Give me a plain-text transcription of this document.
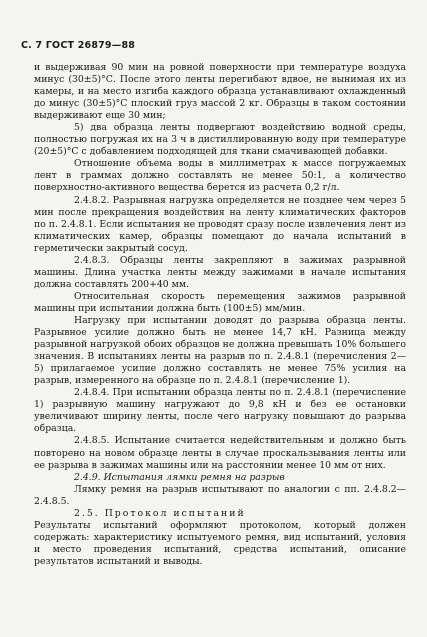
С. 7 ГОСТ 26879—88

и выдерживая 90 мин на ровной поверхности при температуре воздуха минус (30±5)°С. После этого ленты перегибают вдвое, не вынимая их из камеры, и на место изгиба каждого образца устанавливают охлажденный до минус (30±5)°С плоский груз массой 2 кг. Образцы в таком состоянии выдерживают еще 30 мин;

5) два образца ленты подвергают воздействию водной среды, полностью погружая их на 3 ч в дистиллированную воду при температуре (20±5)°С с добавлением подходящей для ткани смачивающей добавки.

Отношение объема воды в миллиметрах к массе погружаемых лент в граммах должно составлять не менее 50:1, а количество поверхностно-активного вещества берется из расчета 0,2 г/л.

2.4.8.2. Разрывная нагрузка определяется не позднее чем через 5 мин после прекращения воздействия на ленту климатических факторов по п. 2.4.8.1. Если испытания не проводят сразу после извлечения лент из климатических камер, образцы помещают до начала испытаний в герметически закрытый сосуд.

2.4.8.3. Образцы ленты закрепляют в зажимах разрывной машины. Длина участка ленты между зажимами в начале испытания должна составлять 200+40 мм.

Относительная скорость перемещения зажимов разрывной машины при испытании должна быть (100±5) мм/мин.

Нагрузку при испытании доводят до разрыва образца ленты. Разрывное усилие должно быть не менее 14,7 кН. Разница между разрывной нагрузкой обоих образцов не должна превышать 10% большего значения. В испытаниях ленты на разрыв по п. 2.4.8.1 (перечисления 2—5) прилагаемое усилие должно составлять не менее 75% усилия на разрыв, измеренного на образце по п. 2.4.8.1 (перечисление 1).

2.4.8.4. При испытании образца ленты по п. 2.4.8.1 (перечисление 1) разрывную машину нагружают до 9,8 кН и без ее остановки увеличивают ширину ленты, после чего нагрузку повышают до разрыва образца.

2.4.8.5. Испытание считается недействительным и должно быть повторено на новом образце ленты в случае проскальзывания ленты или ее разрыва в зажимах машины или на расстоянии менее 10 мм от них.

2.4.9. Испытания лямки ремня на разрыв

Лямку ремня на разрыв испытывают по аналогии с пп. 2.4.8.2—2.4.8.5.

2.5. Протокол испытаний

Результаты испытаний оформляют протоколом, который должен содержать: характеристику испытуемого ремня, вид испытаний, условия и место проведения испытаний, средства испытаний, описание результатов испытаний и выводы.
